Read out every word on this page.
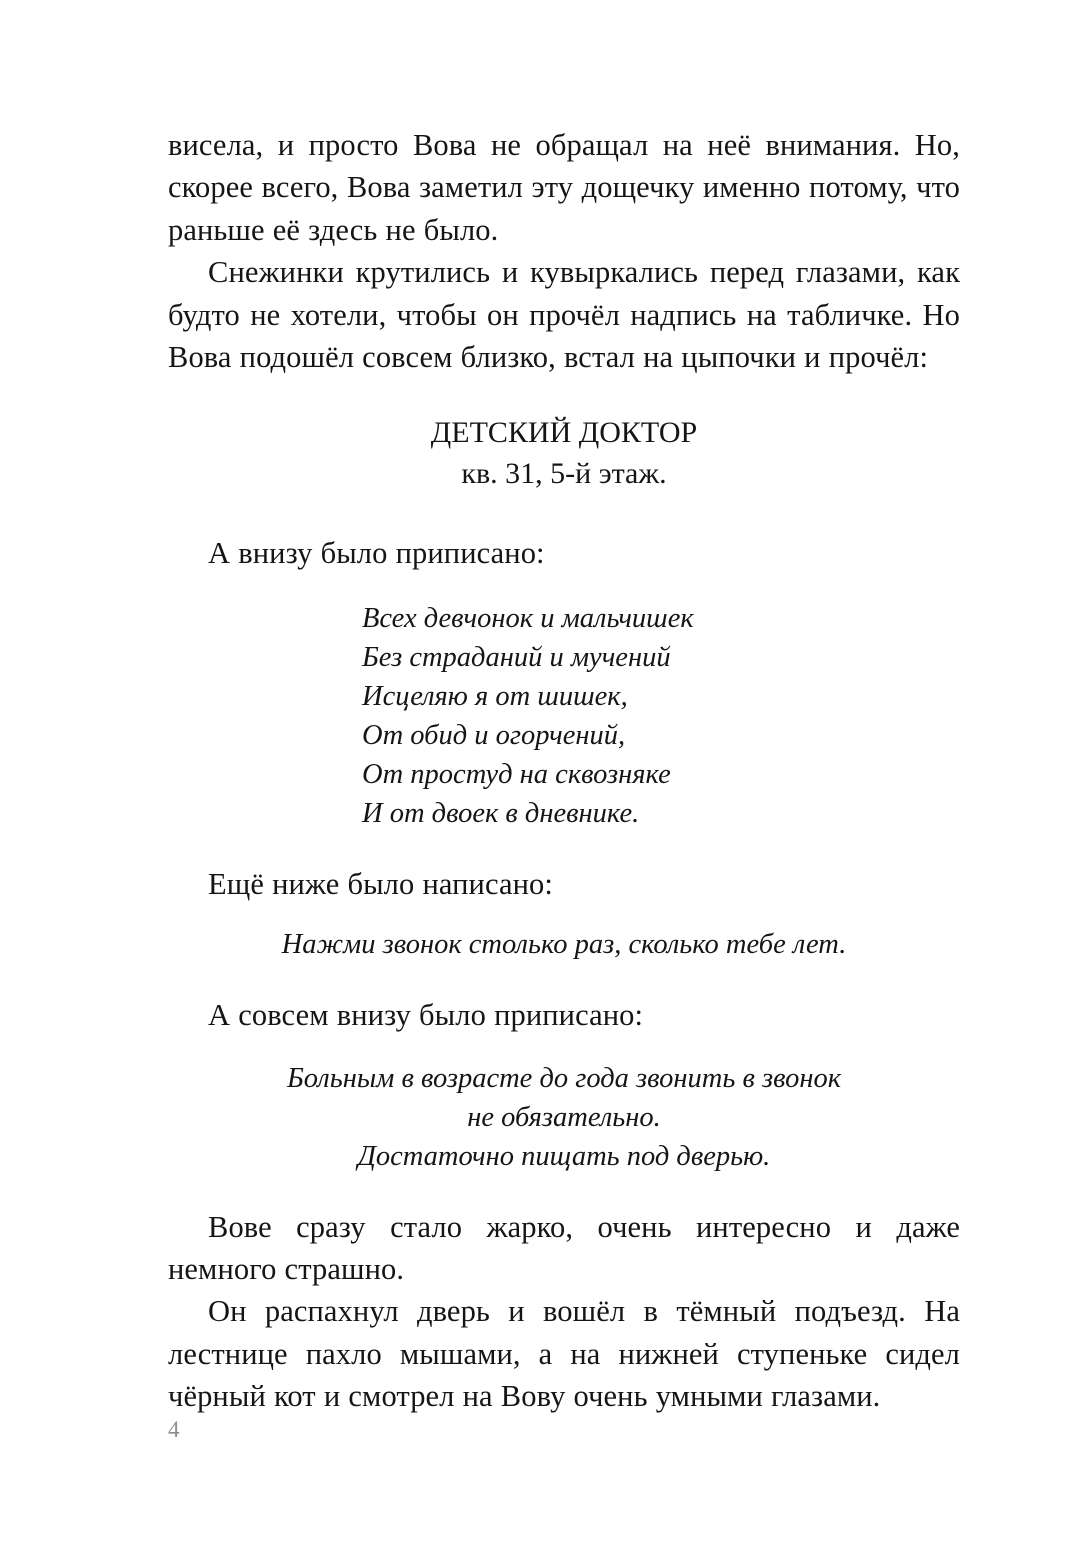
висела, и просто Вова не обращал на неё внимания. Но, скорее всего, Вова заметил эту дощечку именно потому, что раньше её здесь не было.

Снежинки крутились и кувыркались перед глазами, как будто не хотели, чтобы он прочёл надпись на табличке. Но Вова подошёл совсем близко, встал на цыпочки и прочёл:

ДЕТСКИЙ ДОКТОР
кв. 31, 5-й этаж.

А внизу было приписано:

Всех девчонок и мальчишек
Без страданий и мучений
Исцеляю я от шишек,
От обид и огорчений,
От простуд на сквозняке
И от двоек в дневнике.

Ещё ниже было написано:

Нажми звонок столько раз, сколько тебе лет.

А совсем внизу было приписано:

Больным в возрасте до года звонить в звонок
не обязательно.
Достаточно пищать под дверью.

Вове сразу стало жарко, очень интересно и даже немного страшно.

Он распахнул дверь и вошёл в тёмный подъезд. На лестнице пахло мышами, а на нижней ступеньке сидел чёрный кот и смотрел на Вову очень умными глазами.

4
